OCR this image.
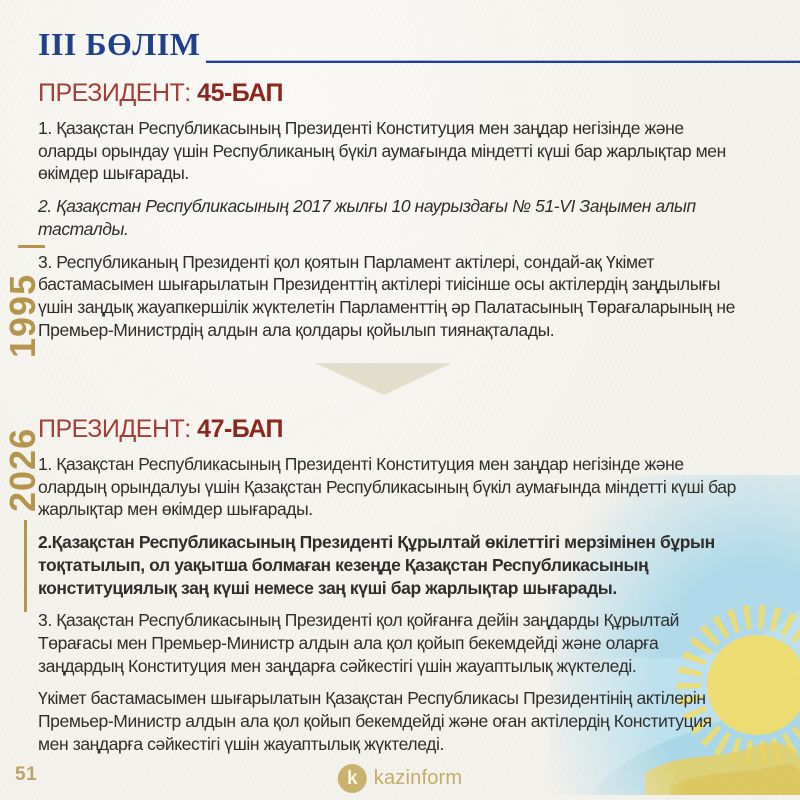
III БӨЛІМ
1995
2026
ПРЕЗИДЕНТ: 45-БАП

1. Қазақстан Республикасының Президенті Конституция мен заңдар негізінде және оларды орындау үшін Республиканың бүкіл аумағында міндетті күші бар жарлықтар мен өкімдер шығарады.

2. Қазақстан Республикасының 2017 жылғы 10 наурыздағы № 51-VI Заңымен алып тасталды.

3. Республиканың Президенті қол қоятын Парламент актілері, сондай-ақ Үкімет бастамасымен шығарылатын Президенттің актілері тиісінше осы актілердің заңдылығы үшін заңдық жауапкершілік жүктелетін Парламенттің әр Палатасының Төрағаларының не Премьер-Министрдің алдын ала қолдары қойылып тиянақталады.

ПРЕЗИДЕНТ: 47-БАП

1. Қазақстан Республикасының Президенті Конституция мен заңдар негізінде және олардың орындалуы үшін Қазақстан Республикасының бүкіл аумағында міндетті күші бар жарлықтар мен өкімдер шығарады.

2.Қазақстан Республикасының Президенті Құрылтай өкілеттігі мерзімінен бұрын тоқтатылып, ол уақытша болмаған кезеңде Қазақстан Республикасының конституциялық заң күші немесе заң күші бар жарлықтар шығарады.

3. Қазақстан Республикасының Президенті қол қойғанға дейін заңдарды Құрылтай Төрағасы мен Премьер-Министр алдын ала қол қойып бекемдейді және оларға заңдардың Конституция мен заңдарға сәйкестігі үшін жауаптылық жүктеледі.

Үкімет бастамасымен шығарылатын Қазақстан Республикасы Президентінің актілерін Премьер-Министр алдын ала қол қойып бекемдейді және оған актілердің Конституция мен заңдарға сәйкестігі үшін жауаптылық жүктеледі.

51	k kazinform
